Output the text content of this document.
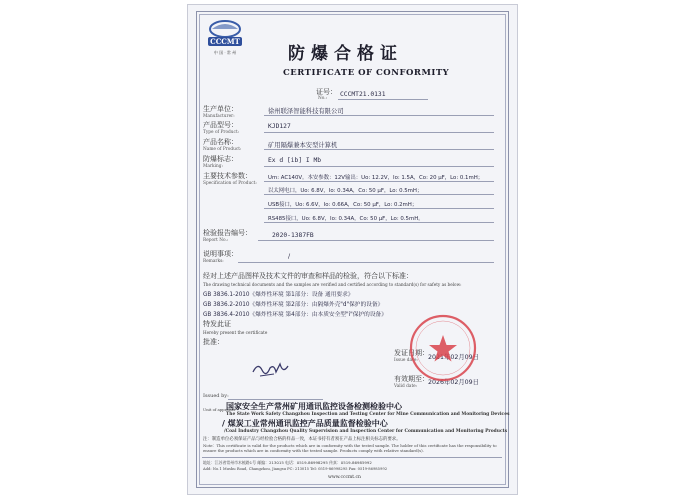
CCCMT
中 国 · 常 州	防爆合格证
CERTIFICATE OF CONFORMITY
证号：
No.:
CCCMT21.0131
生产单位：
Manufacturer:
徐州联泽智能科技有限公司
产品型号：
Type of Product:
KJD127
产品名称：
Name of Product:
矿用隔爆兼本安型计算机
防爆标志：
Marking:
Ex d [ib] I Mb
主要技术参数：
Specification of Product:
Um: AC140V。本安参数：12V输出：Uo: 12.2V，Io: 1.5A，Co: 20 μF，Lo: 0.1mH；
以太网电口，Uo: 6.8V，Io: 0.34A，Co: 50 μF，Lo: 0.5mH；
USB接口，Uo: 6.6V，Io: 0.66A，Co: 50 μF，Lo: 0.2mH；
RS485接口，Uo: 6.8V，Io: 0.34A，Co: 50 μF，Lo: 0.5mH。
检验报告编号：
Report No.:
2020-1387FB
说明事项：
Remarks:
/
经对上述产品图样及技术文件的审查和样品的检验，符合以下标准：
The drawing technical documents and the samples are verified and certified according to standard(s) for safety as below:
GB 3836.1-2010《爆炸性环境 第1部分：设备 通用要求》
GB 3836.2-2010《爆炸性环境 第2部分：由隔爆外壳"d"保护的设备》
GB 3836.4-2010《爆炸性环境 第4部分：由本质安全型"i"保护的设备》
特发此证
Hereby present the certificate
批准：
Issued by:
发证日期：
Issue date: 2021年02月09日
有效期至：
Valid date:
2026年02月09日
Unit of appraiser
国家安全生产常州矿用通讯监控设备检测检验中心
The State Work Safety Changzhou Inspection and Testing Center for Mine Communication and Monitoring Devices
/ 煤炭工业常州通讯监控产品质量监督检验中心
/Coal Industry Changzhou Quality Supervision and Inspection Center for Communication and Monitoring Products
注：制造单位必须保证产品与经检验合格的样品一致，本证书持有者须在产品上标注相关标志的要求。
Note：This certificate is valid for the products which are in conformity with the tested sample. The holder of this certificate has the responsibility to ensure the products which are in conformity with the tested sample. Products comply with relative standard(s).
地址：江苏省常州市木梳路1号 邮编：213015 电话：0519-86998295 传真：0519-86985992
Add: No.1 Mushu Road, Changzhou, Jiangsu PC: 213015 Tel: 0519-86998295 Fax: 0519-86985992
www.cccmt.cn
